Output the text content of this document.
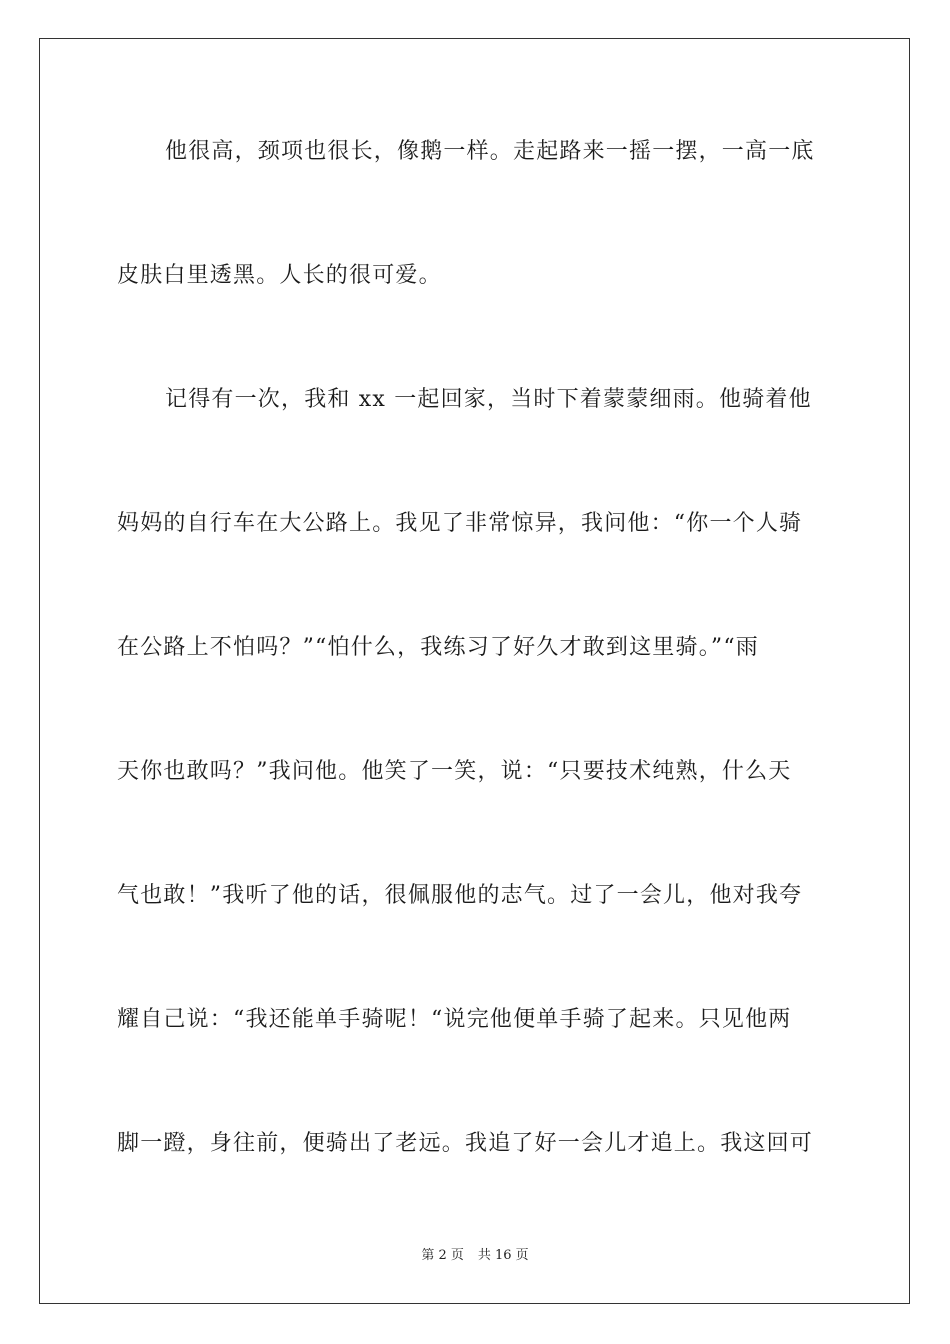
他很高，颈项也很长，像鹅一样。走起路来一摇一摆，一高一底
皮肤白里透黑。人长的很可爱。
记得有一次，我和 xx 一起回家，当时下着蒙蒙细雨。他骑着他
妈妈的自行车在大公路上。我见了非常惊异，我问他：“你一个人骑
在公路上不怕吗？”“怕什么，我练习了好久才敢到这里骑。”“雨
天你也敢吗？”我问他。他笑了一笑，说：“只要技术纯熟，什么天
气也敢！”我听了他的话，很佩服他的志气。过了一会儿，他对我夸
耀自己说：“我还能单手骑呢！“说完他便单手骑了起来。只见他两
脚一蹬，身往前，便骑出了老远。我追了好一会儿才追上。我这回可
第 2 页 共 16 页
